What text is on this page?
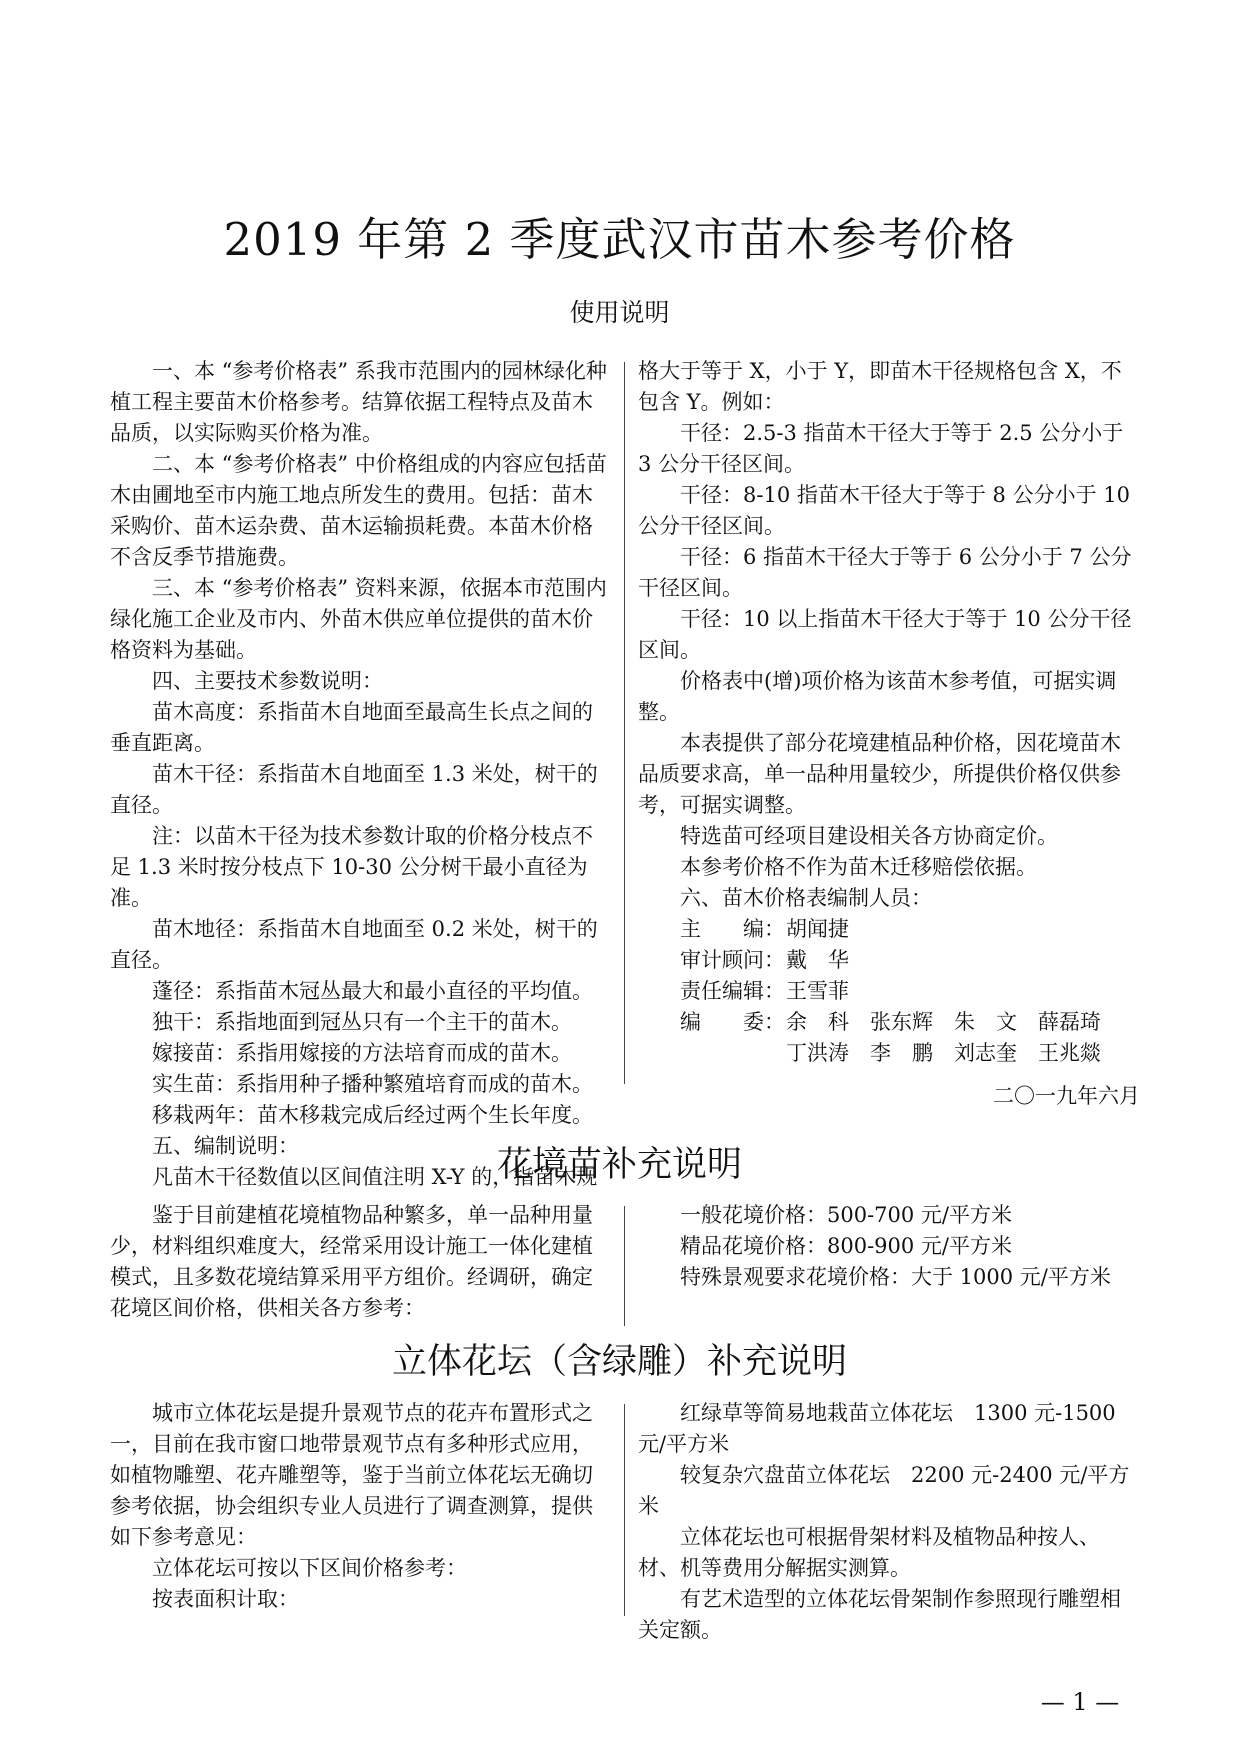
2019 年第 2 季度武汉市苗木参考价格
使用说明

一、本 “参考价格表” 系我市范围内的园林绿化种植工程主要苗木价格参考。结算依据工程特点及苗木品质，以实际购买价格为准。

二、本 “参考价格表” 中价格组成的内容应包括苗木由圃地至市内施工地点所发生的费用。包括：苗木采购价、苗木运杂费、苗木运输损耗费。本苗木价格不含反季节措施费。

三、本 “参考价格表” 资料来源，依据本市范围内绿化施工企业及市内、外苗木供应单位提供的苗木价格资料为基础。

四、主要技术参数说明：

苗木高度：系指苗木自地面至最高生长点之间的垂直距离。

苗木干径：系指苗木自地面至 1.3 米处，树干的直径。

注：以苗木干径为技术参数计取的价格分枝点不足 1.3 米时按分枝点下 10-30 公分树干最小直径为准。

苗木地径：系指苗木自地面至 0.2 米处，树干的直径。

蓬径：系指苗木冠丛最大和最小直径的平均值。

独干：系指地面到冠丛只有一个主干的苗木。

嫁接苗：系指用嫁接的方法培育而成的苗木。

实生苗：系指用种子播种繁殖培育而成的苗木。

移栽两年：苗木移栽完成后经过两个生长年度。

五、编制说明：

凡苗木干径数值以区间值注明 X-Y 的，指苗木规

格大于等于 X，小于 Y，即苗木干径规格包含 X，不包含 Y。例如：

干径：2.5-3 指苗木干径大于等于 2.5 公分小于 3 公分干径区间。

干径：8-10 指苗木干径大于等于 8 公分小于 10 公分干径区间。

干径：6 指苗木干径大于等于 6 公分小于 7 公分干径区间。

干径：10 以上指苗木干径大于等于 10 公分干径区间。

价格表中(增)项价格为该苗木参考值，可据实调整。

本表提供了部分花境建植品种价格，因花境苗木品质要求高，单一品种用量较少，所提供价格仅供参考，可据实调整。

特选苗可经项目建设相关各方协商定价。

本参考价格不作为苗木迁移赔偿依据。

六、苗木价格表编制人员：

主　　编： 胡闻捷
审计顾问： 戴　华
责任编辑： 王雪菲
编　　委： 余　科　张东辉　朱　文　薛磊琦
丁洪涛　李　鹏　刘志奎　王兆燚

二〇一九年六月

花境苗补充说明

鉴于目前建植花境植物品种繁多，单一品种用量少，材料组织难度大，经常采用设计施工一体化建植模式，且多数花境结算采用平方组价。经调研，确定花境区间价格，供相关各方参考：

一般花境价格：500-700 元/平方米

精品花境价格：800-900 元/平方米

特殊景观要求花境价格：大于 1000 元/平方米

立体花坛（含绿雕）补充说明

城市立体花坛是提升景观节点的花卉布置形式之一，目前在我市窗口地带景观节点有多种形式应用，如植物雕塑、花卉雕塑等，鉴于当前立体花坛无确切参考依据，协会组织专业人员进行了调查测算，提供如下参考意见：

立体花坛可按以下区间价格参考：

按表面积计取：

红绿草等简易地栽苗立体花坛　1300 元-1500 元/平方米

较复杂穴盘苗立体花坛　2200 元-2400 元/平方米

立体花坛也可根据骨架材料及植物品种按人、材、机等费用分解据实测算。

有艺术造型的立体花坛骨架制作参照现行雕塑相关定额。

— 1 —
